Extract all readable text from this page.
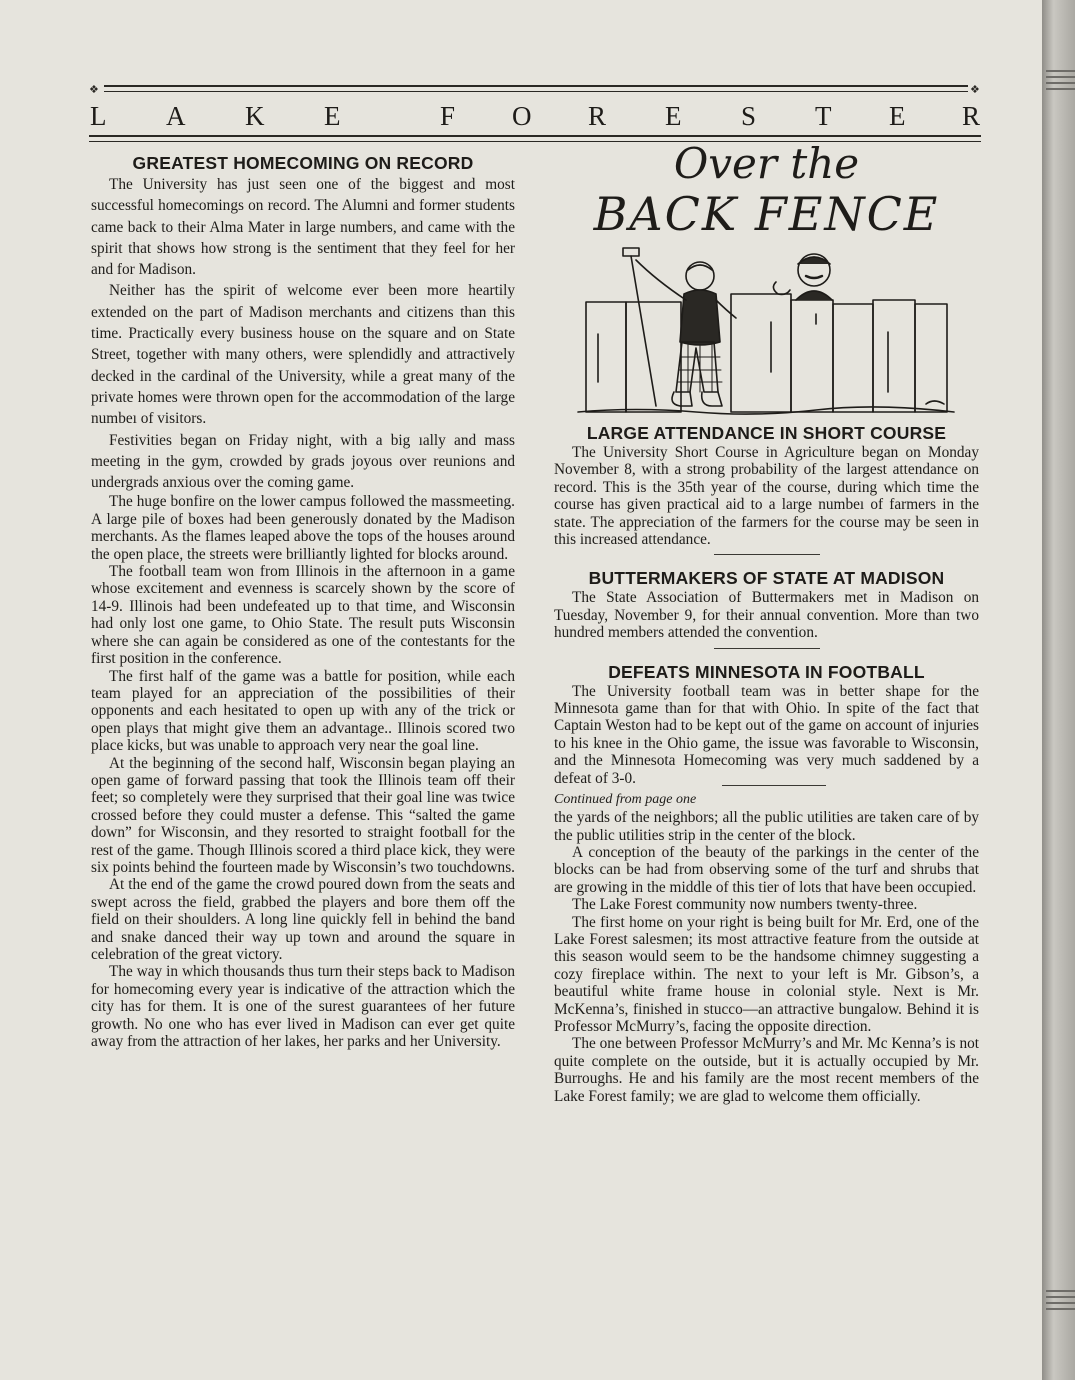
❖	❖
L A K E	F O R E S T E R
GREATEST HOMECOMING ON RECORD

The University has just seen one of the biggest and most successful homecomings on record. The Alumni and former students came back to their Alma Mater in large numbers, and came with the spirit that shows how strong is the sentiment that they feel for her and for Madison.

Neither has the spirit of welcome ever been more heartily extended on the part of Madison merchants and citizens than this time. Practically every business house on the square and on State Street, together with many others, were splendidly and attractively decked in the cardinal of the University, while a great many of the private homes were thrown open for the accommodation of the large numbeı of visitors.

Festivities began on Friday night, with a big ıally and mass meeting in the gym, crowded by grads joyous over reunions and undergrads anxious over the coming game.

The huge bonfire on the lower campus followed the massmeeting. A large pile of boxes had been generously donated by the Madison merchants. As the flames leaped above the tops of the houses around the open place, the streets were brilliantly lighted for blocks around.

The football team won from Illinois in the afternoon in a game whose excitement and evenness is scarcely shown by the score of 14-9. Illinois had been undefeated up to that time, and Wisconsin had only lost one game, to Ohio State. The result puts Wisconsin where she can again be considered as one of the contestants for the first position in the conference.

The first half of the game was a battle for position, while each team played for an appreciation of the possibilities of their opponents and each hesitated to open up with any of the trick or open plays that might give them an advantage.. Illinois scored two place kicks, but was unable to approach very near the goal line.

At the beginning of the second half, Wisconsin began playing an open game of forward passing that took the Illinois team off their feet; so completely were they surprised that their goal line was twice crossed before they could muster a defense. This “salted the game down” for Wisconsin, and they resorted to straight football for the rest of the game. Though Illinois scored a third place kick, they were six points behind the fourteen made by Wisconsin’s two touchdowns.

At the end of the game the crowd poured down from the seats and swept across the field, grabbed the players and bore them off the field on their shoulders. A long line quickly fell in behind the band and snake danced their way up town and around the square in celebration of the great victory.

The way in which thousands thus turn their steps back to Madison for homecoming every year is indicative of the attraction which the city has for them. It is one of the surest guarantees of her future growth. No one who has ever lived in Madison can ever get quite away from the attraction of her lakes, her parks and her University.

Over the
BACK FENCE
LARGE ATTENDANCE IN SHORT COURSE

The University Short Course in Agriculture began on Monday November 8, with a strong probability of the largest attendance on record. This is the 35th year of the course, during which time the course has given practical aid to a large numbeı of farmers in the state. The appreciation of the farmers for the course may be seen in this increased attendance.

BUTTERMAKERS OF STATE AT MADISON

The State Association of Buttermakers met in Madison on Tuesday, November 9, for their annual convention. More than two hundred members attended the convention.

DEFEATS MINNESOTA IN FOOTBALL

The University football team was in better shape for the Minnesota game than for that with Ohio. In spite of the fact that Captain Weston had to be kept out of the game on account of injuries to his knee in the Ohio game, the issue was favorable to Wisconsin, and the Minnesota Homecoming was very much saddened by a defeat of 3-0.

Continued from page one

the yards of the neighbors; all the public utilities are taken care of by the public utilities strip in the center of the block.

A conception of the beauty of the parkings in the center of the blocks can be had from observing some of the turf and shrubs that are growing in the middle of this tier of lots that have been occupied.

The Lake Forest community now numbers twenty-three.

The first home on your right is being built for Mr. Erd, one of the Lake Forest salesmen; its most attractive feature from the outside at this season would seem to be the handsome chimney suggesting a cozy fireplace within. The next to your left is Mr. Gibson’s, a beautiful white frame house in colonial style. Next is Mr. McKenna’s, finished in stucco—an attractive bungalow. Behind it is Professor McMurry’s, facing the opposite direction.

The one between Professor McMurry’s and Mr. Mc Kenna’s is not quite complete on the outside, but it is actually occupied by Mr. Burroughs. He and his family are the most recent members of the Lake Forest family; we are glad to welcome them officially.
